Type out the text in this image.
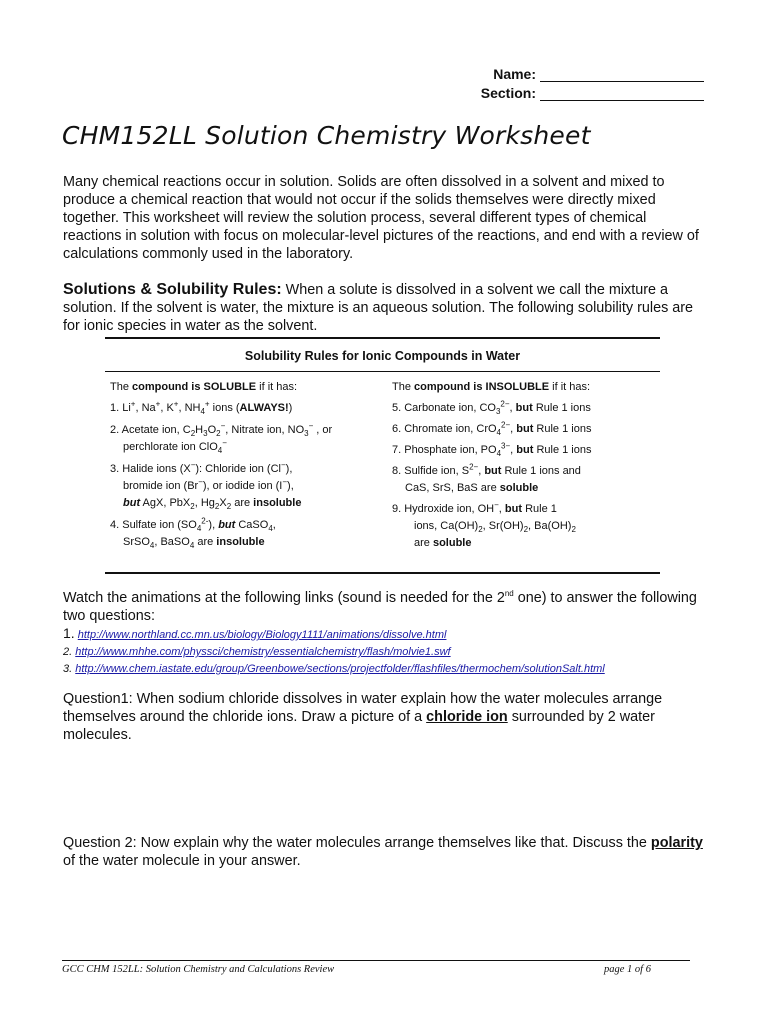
Name:
Section:
CHM152LL Solution Chemistry Worksheet
Many chemical reactions occur in solution. Solids are often dissolved in a solvent and mixed to produce a chemical reaction that would not occur if the solids themselves were directly mixed together. This worksheet will review the solution process, several different types of chemical reactions in solution with focus on molecular-level pictures of the reactions, and end with a review of calculations commonly used in the laboratory.
Solutions & Solubility Rules: When a solute is dissolved in a solvent we call the mixture a solution. If the solvent is water, the mixture is an aqueous solution. The following solubility rules are for ionic species in water as the solvent.
Solubility Rules for Ionic Compounds in Water
The compound is SOLUBLE if it has:
1. Li+, Na+, K+, $NH_4^+$ ions (ALWAYS!)
2. Acetate ion, $C_2H_3O_2^-$, Nitrate ion, $NO_3^-$ , or
perchlorate ion ClO$_4$−
3. Halide ions (X−): Chloride ion (Cl−),
bromide ion (Br−), or iodide ion (I−),
but AgX, PbX$_2$, $Hg_2X_2$ are insoluble
4. Sulfate ion $(SO_4^{2-})$, but CaSO$_4$,
SrSO$_4$, BaSO$_4$ are insoluble
The compound is INSOLUBLE if it has:
5. Carbonate ion, $CO_3^{2-}$, but Rule 1 ions
6. Chromate ion, CrO$_4^{2-}$, but Rule 1 ions
7. Phosphate ion, $PO_4^{3-}$, but Rule 1 ions
8. Sulfide ion, $S^{2-}$, but Rule 1 ions and
CaS, SrS, BaS are soluble
9. Hydroxide ion, OH−, but Rule 1
ions, $Ca(OH)_2$, $Sr(OH)_2$, $Ba(OH)_2$
are soluble
Watch the animations at the following links (sound is needed for the 2nd one) to answer the following two questions:
1. http://www.northland.cc.mn.us/biology/Biology1111/animations/dissolve.html
2. http://www.mhhe.com/physsci/chemistry/essentialchemistry/flash/molvie1.swf
3. http://www.chem.iastate.edu/group/Greenbowe/sections/projectfolder/flashfiles/thermochem/solutionSalt.html
Question1: When sodium chloride dissolves in water explain how the water molecules arrange themselves around the chloride ions. Draw a picture of a chloride ion surrounded by 2 water molecules.
Question 2: Now explain why the water molecules arrange themselves like that. Discuss the polarity of the water molecule in your answer.
GCC CHM 152LL: Solution Chemistry and Calculations Review	page 1 of 6
